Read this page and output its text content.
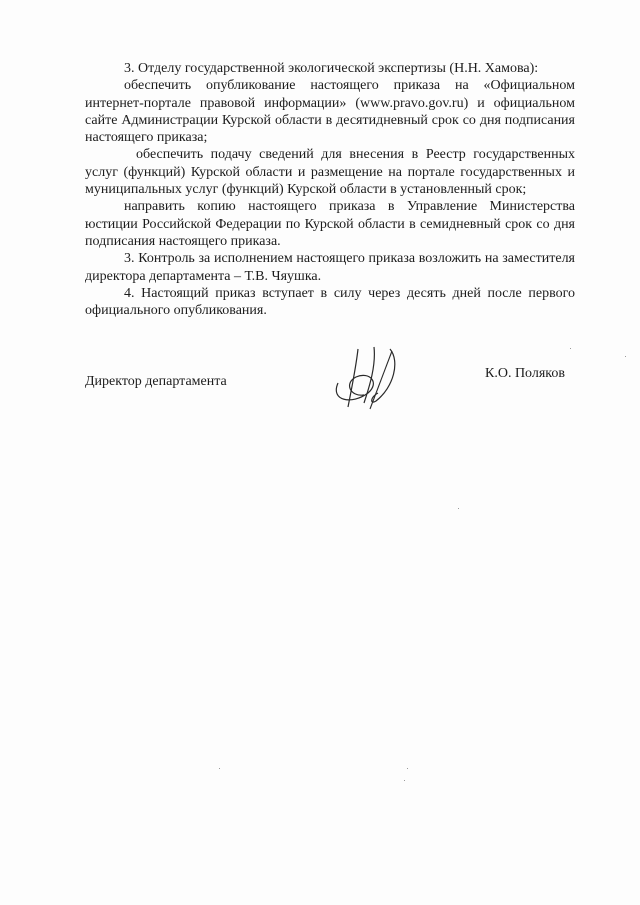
3. Отделу государственной экологической экспертизы (Н.Н. Хамова):

обеспечить опубликование настоящего приказа на «Официальном интернет-портале правовой информации» (www.pravo.gov.ru) и официальном сайте Администрации Курской области в десятидневный срок со дня подписания настоящего приказа;

обеспечить подачу сведений для внесения в Реестр государственных услуг (функций) Курской области и размещение на портале государственных и муниципальных услуг (функций) Курской области в установленный срок;

направить копию настоящего приказа в Управление Министерства юстиции Российской Федерации по Курской области в семидневный срок со дня подписания настоящего приказа.

3. Контроль за исполнением настоящего приказа возложить на заместителя директора департамента – Т.В. Чяушка.

4. Настоящий приказ вступает в силу через десять дней после первого официального опубликования.

Директор департамента
К.О. Поляков
